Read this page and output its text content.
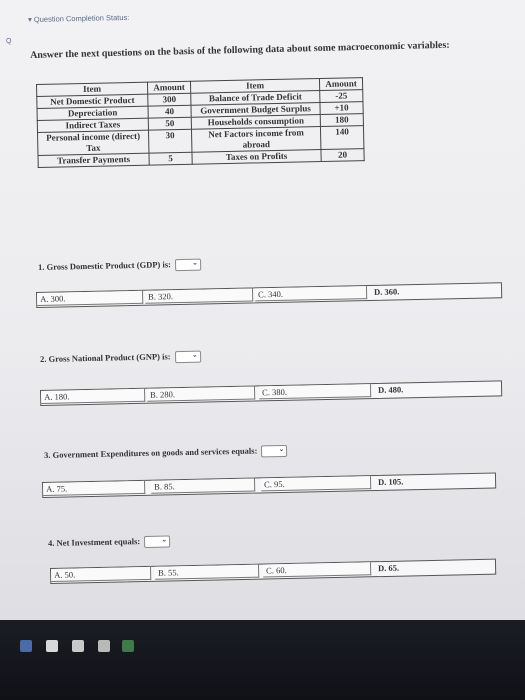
▾ Question Completion Status:
Q Answer the next questions on the basis of the following data about some macroeconomic variables:
Item	Amount	Item	Amount
Net Domestic Product	300	Balance of Trade Deficit	-25
Depreciation	40	Government Budget Surplus	+10
Indirect Taxes	50	Households consumption	180
Personal income (direct) Tax	30	Net Factors income from abroad	140
Transfer Payments	5	Taxes on Profits	20
1. Gross Domestic Product (GDP) is:	⌄
A. 300.	B. 320.	C. 340.	D. 360.
2. Gross National Product (GNP) is:	⌄
A. 180.	B. 280.	C. 380.	D. 480.
3. Government Expenditures on goods and services equals:	⌄
A. 75.	B. 85.	C. 95.	D. 105.
4. Net Investment equals:	⌄
A. 50.	B. 55.	C. 60.	D. 65.
